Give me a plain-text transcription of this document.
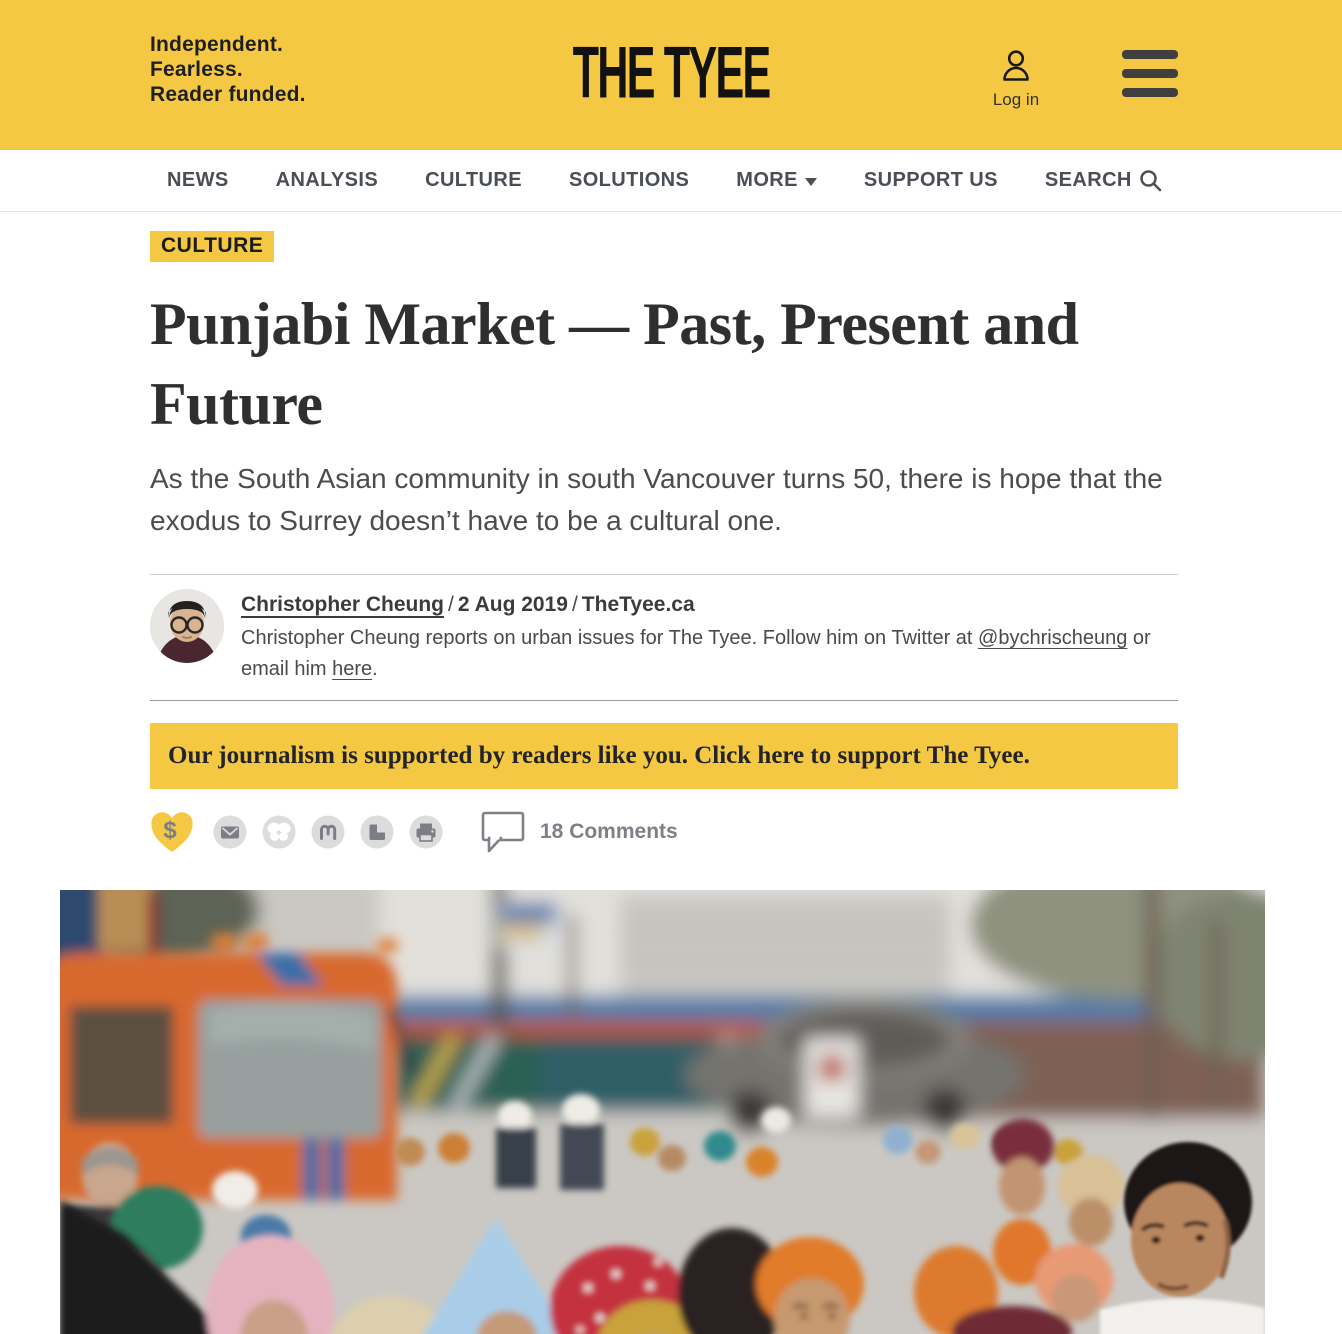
Independent.
Fearless.
Reader funded.	THE TYEE	Log in
NEWS ANALYSIS CULTURE SOLUTIONS MORE	SUPPORT US SEARCH
CULTURE
Punjabi Market — Past, Present and Future

As the South Asian community in south Vancouver turns 50, there is hope that the exodus to Surrey doesn’t have to be a cultural one.

Christopher Cheung / 2 Aug 2019 / TheTyee.ca
Christopher Cheung reports on urban issues for The Tyee. Follow him on Twitter at @bychrischeung or email him here.
Our journalism is supported by readers like you. Click here to support The Tyee.
$	18 Comments
